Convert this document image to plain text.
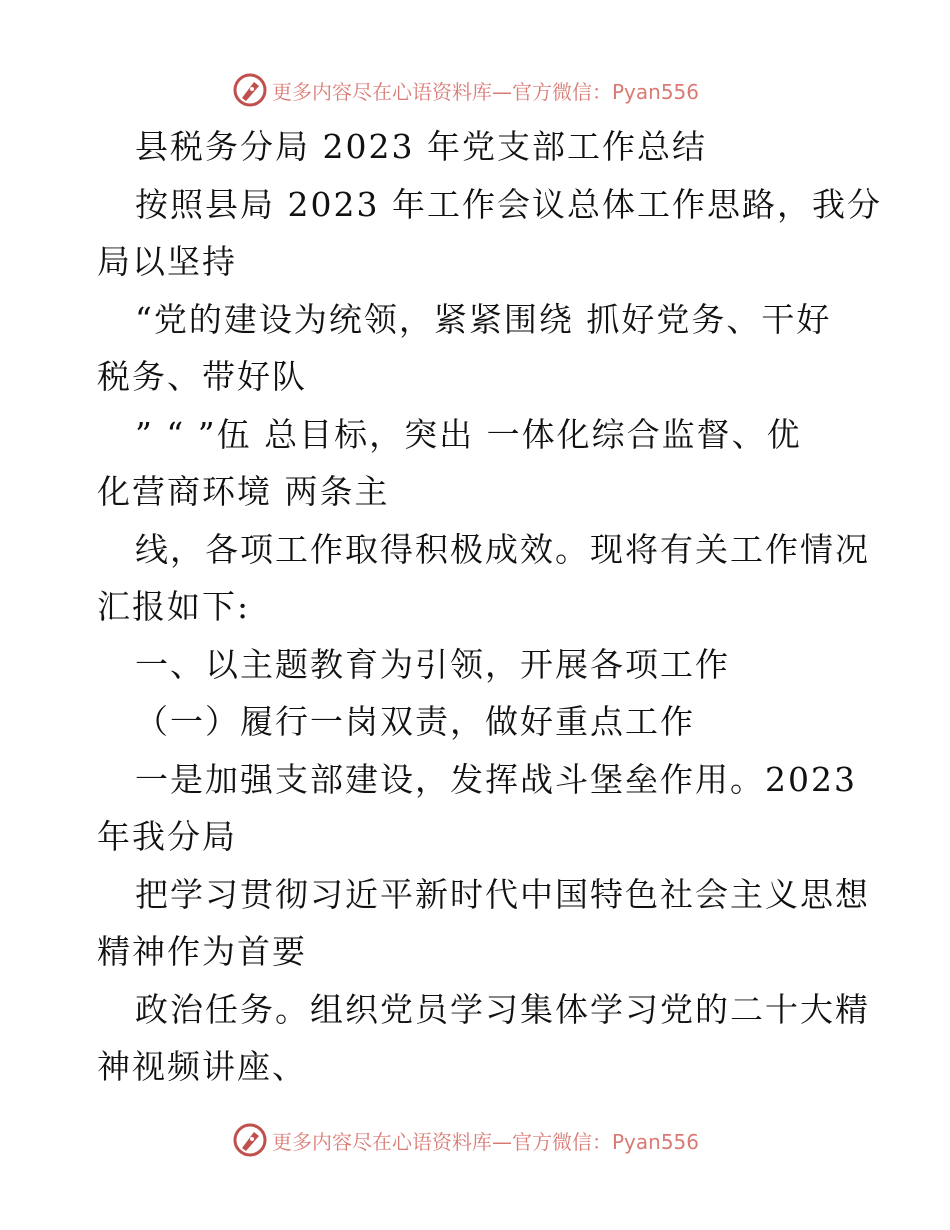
更多内容尽在心语资料库—官方微信：Pyan556
县税务分局 2023 年党支部工作总结
按照县局 2023 年工作会议总体工作思路，我分
局以坚持
“党的建设为统领，紧紧围绕 抓好党务、干好
税务、带好队
” “ ”伍 总目标，突出 一体化综合监督、优
化营商环境 两条主
线，各项工作取得积极成效。现将有关工作情况
汇报如下:
一、以主题教育为引领，开展各项工作
（一）履行一岗双责，做好重点工作
一是加强支部建设，发挥战斗堡垒作用。2023
年我分局
把学习贯彻习近平新时代中国特色社会主义思想
精神作为首要
政治任务。组织党员学习集体学习党的二十大精
神视频讲座、
更多内容尽在心语资料库—官方微信：Pyan556
